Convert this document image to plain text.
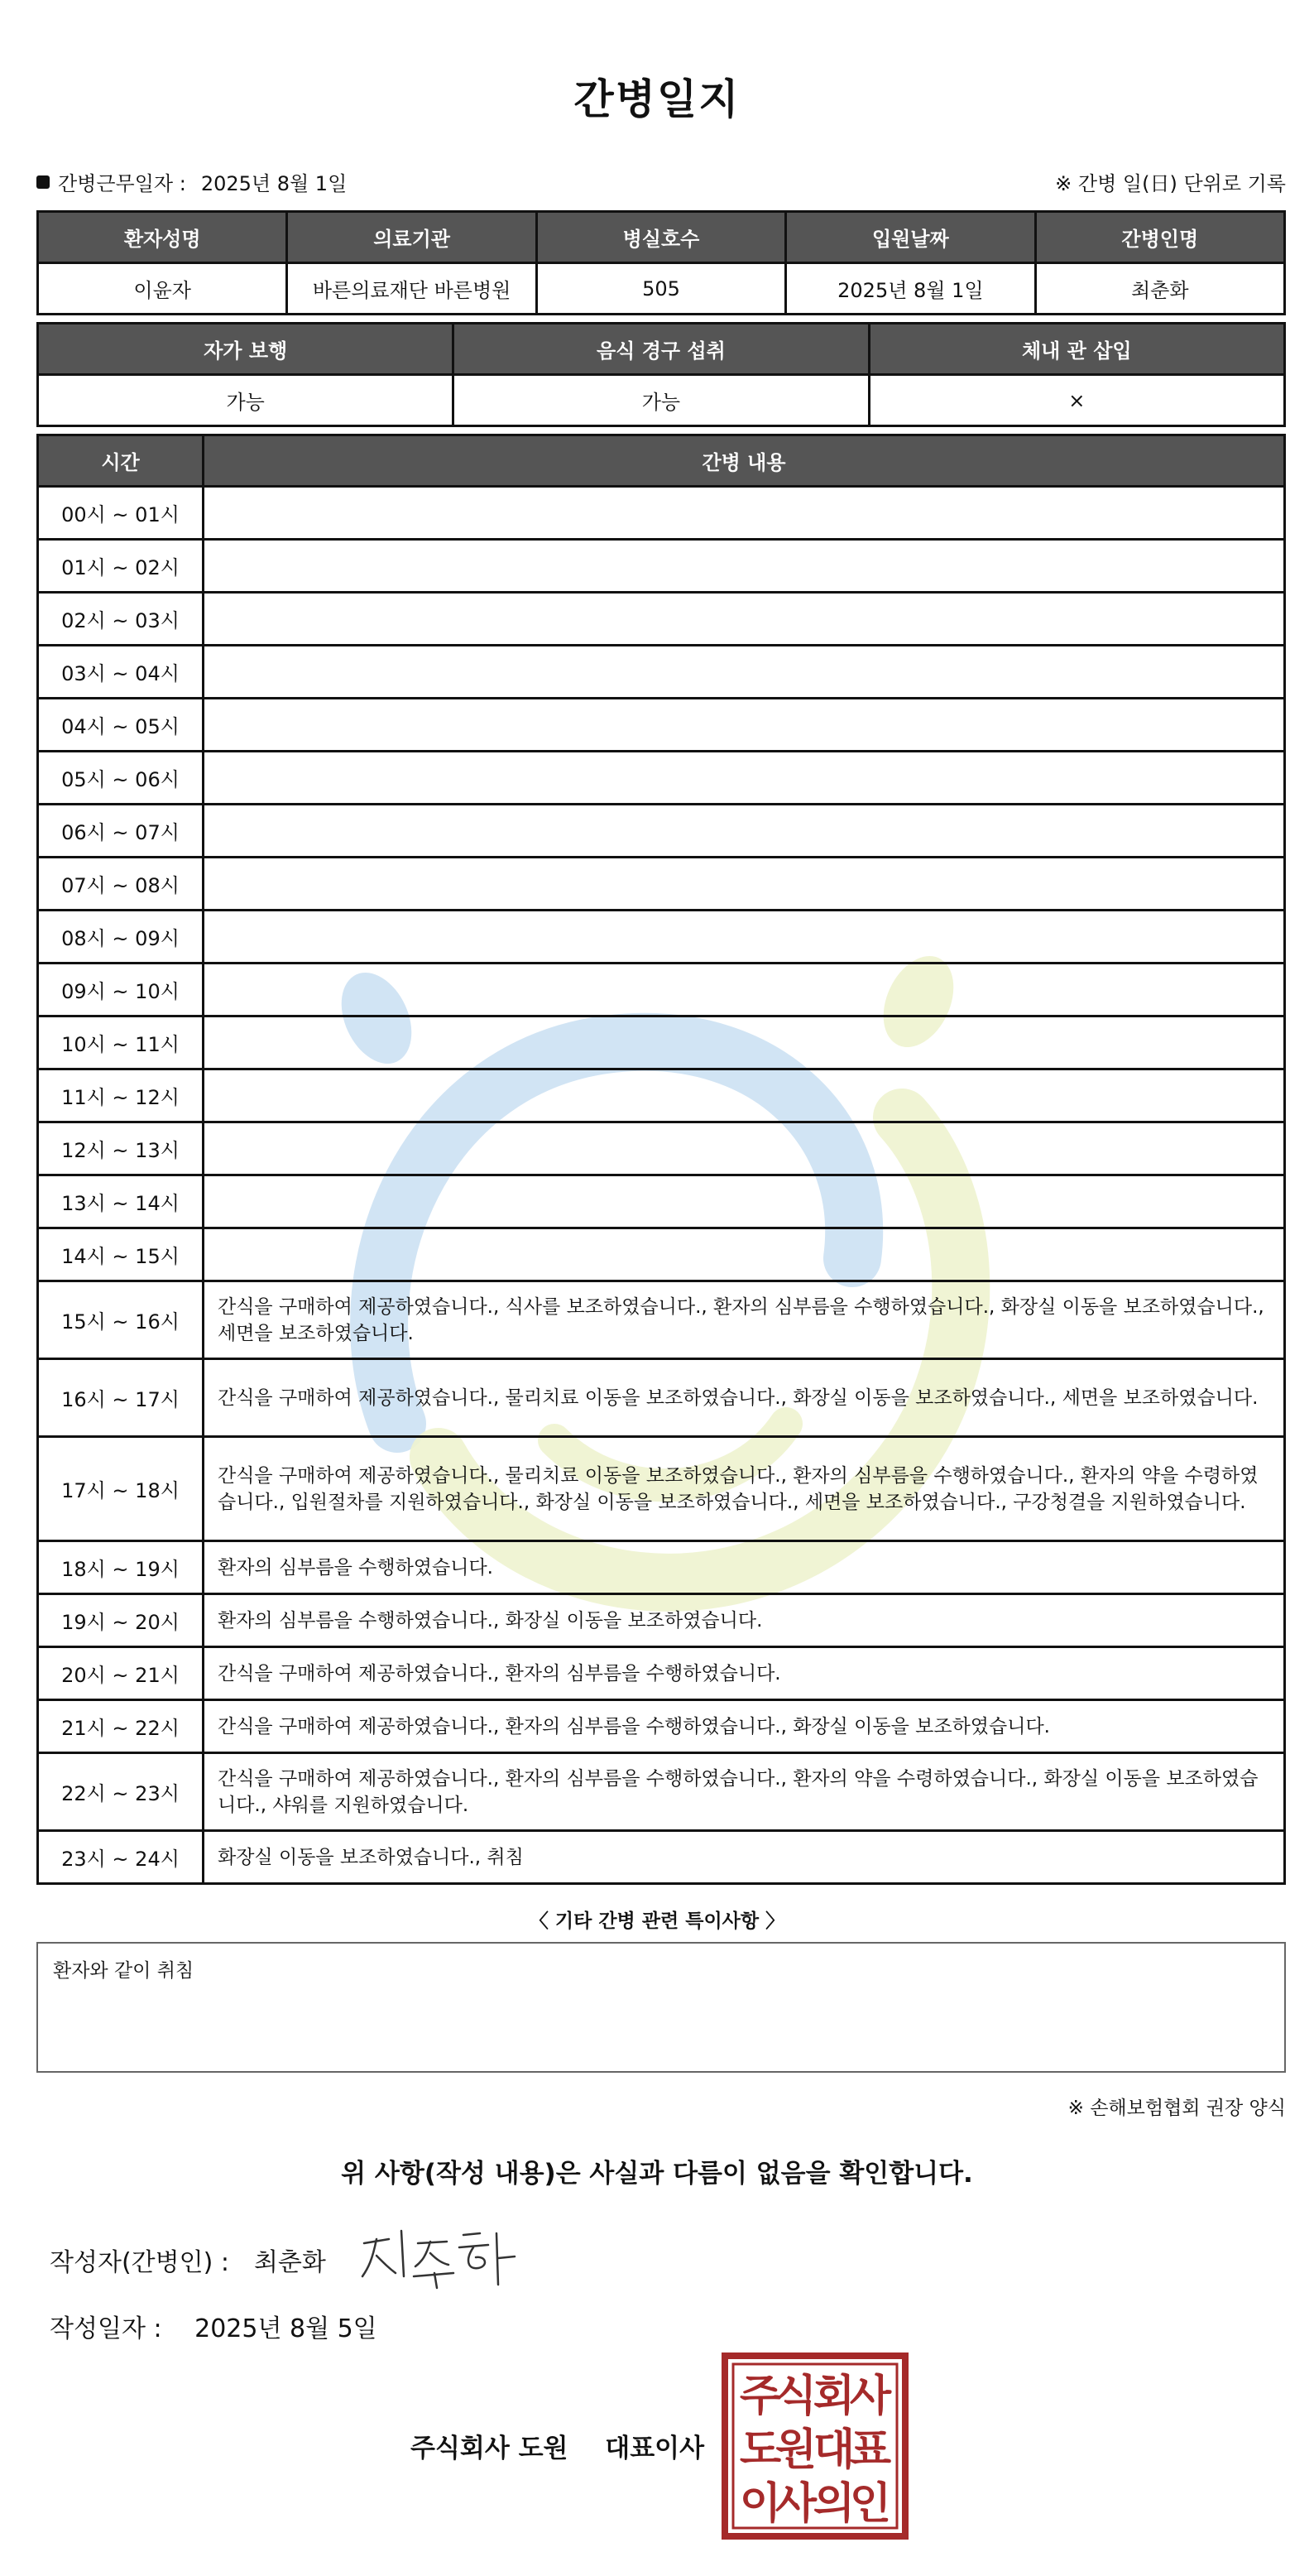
간병일지
간병근무일자 : 2025년 8월 1일	※ 간병 일(日) 단위로 기록
환자성명	의료기관	병실호수	입원날짜	간병인명
이윤자	바른의료재단 바른병원	505	2025년 8월 1일	최춘화
자가 보행	음식 경구 섭취	체내 관 삽입
가능	가능	×
시간	간병 내용
00시 ~ 01시	
01시 ~ 02시	
02시 ~ 03시	
03시 ~ 04시	
04시 ~ 05시	
05시 ~ 06시	
06시 ~ 07시	
07시 ~ 08시	
08시 ~ 09시	
09시 ~ 10시	
10시 ~ 11시	
11시 ~ 12시	
12시 ~ 13시	
13시 ~ 14시	
14시 ~ 15시	
15시 ~ 16시	간식을 구매하여 제공하였습니다., 식사를 보조하였습니다., 환자의 심부름을 수행하였습니다., 화장실 이동을 보조하였습니다., 세면을 보조하였습니다.
16시 ~ 17시	간식을 구매하여 제공하였습니다., 물리치료 이동을 보조하였습니다., 화장실 이동을 보조하였습니다., 세면을 보조하였습니다.
17시 ~ 18시	간식을 구매하여 제공하였습니다., 물리치료 이동을 보조하였습니다., 환자의 심부름을 수행하였습니다., 환자의 약을 수령하였습니다., 입원절차를 지원하였습니다., 화장실 이동을 보조하였습니다., 세면을 보조하였습니다., 구강청결을 지원하였습니다.
18시 ~ 19시	환자의 심부름을 수행하였습니다.
19시 ~ 20시	환자의 심부름을 수행하였습니다., 화장실 이동을 보조하였습니다.
20시 ~ 21시	간식을 구매하여 제공하였습니다., 환자의 심부름을 수행하였습니다.
21시 ~ 22시	간식을 구매하여 제공하였습니다., 환자의 심부름을 수행하였습니다., 화장실 이동을 보조하였습니다.
22시 ~ 23시	간식을 구매하여 제공하였습니다., 환자의 심부름을 수행하였습니다., 환자의 약을 수령하였습니다., 화장실 이동을 보조하였습니다., 샤워를 지원하였습니다.
23시 ~ 24시	화장실 이동을 보조하였습니다., 취침
〈 기타 간병 관련 특이사항 〉
환자와 같이 취침
※ 손해보험협회 권장 양식
위 사항(작성 내용)은 사실과 다름이 없음을 확인합니다.
작성자(간병인) : 최춘화
작성일자 : 2025년 8월 5일
주식회사 도원 대표이사
주
식
회
사
도
원
대
표
이
사
의
인
